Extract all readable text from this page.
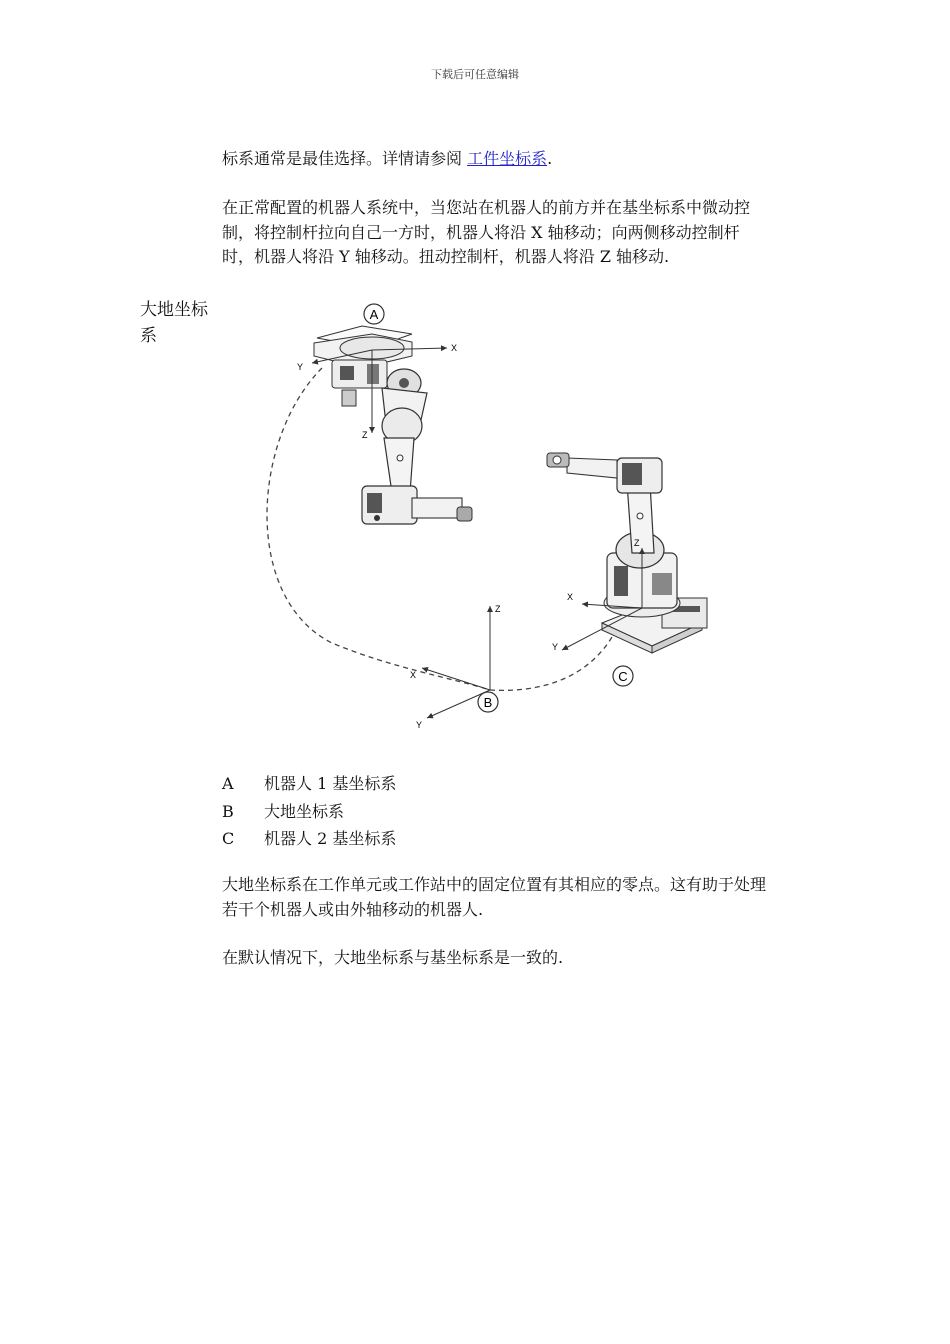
下载后可任意编辑
标系通常是最佳选择。详情请参阅 工件坐标系.
在正常配置的机器人系统中，当您站在机器人的前方并在基坐标系中微动控制，将控制杆拉向自己一方时，机器人将沿 X 轴移动；向两侧移动控制杆时，机器人将沿 Y 轴移动。扭动控制杆，机器人将沿 Z 轴移动.
大地坐标系
X
Y
Z
A
X
Y
Z
C
Z
X
Y
B
A	机器人 1 基坐标系
B	大地坐标系
C	机器人 2 基坐标系
大地坐标系在工作单元或工作站中的固定位置有其相应的零点。这有助于处理若干个机器人或由外轴移动的机器人.
在默认情况下，大地坐标系与基坐标系是一致的.
